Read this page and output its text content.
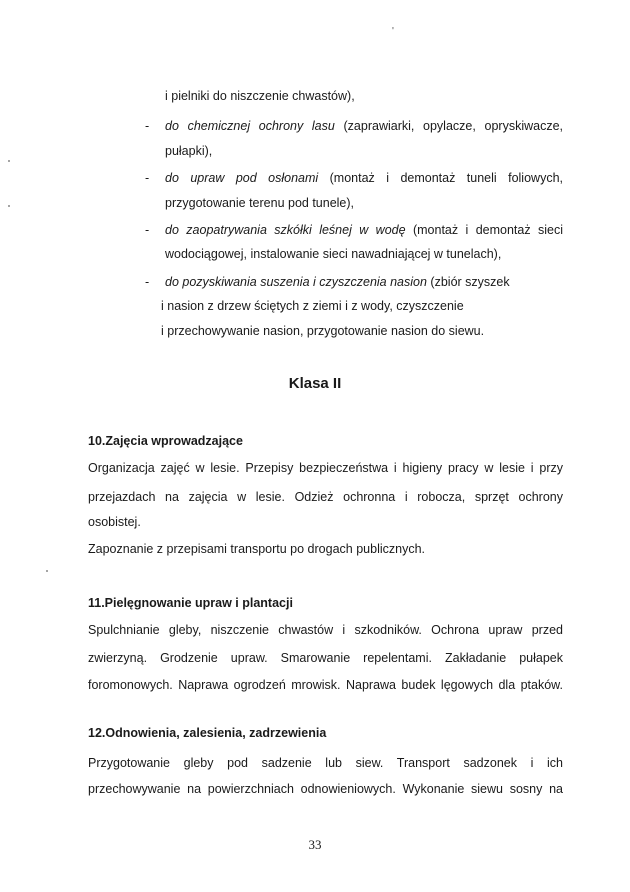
'
i pielniki do niszczenie chwastów),
- do chemicznej ochrony lasu (zaprawiarki, opylacze, opryskiwacze,
pułapki),
- do upraw pod osłonami (montaż i demontaż tuneli foliowych,
przygotowanie terenu pod tunele),
- do zaopatrywania szkółki leśnej w wodę (montaż i demontaż sieci
wodociągowej, instalowanie sieci nawadniającej w tunelach),
- do pozyskiwania suszenia i czyszczenia nasion (zbiór szyszek
i nasion z drzew ściętych z ziemi i z wody, czyszczenie
i przechowywanie nasion, przygotowanie nasion do siewu.
Klasa II
10.Zajęcia wprowadzające
Organizacja zajęć w lesie. Przepisy bezpieczeństwa i higieny pracy w lesie i przy
przejazdach na zajęcia w lesie. Odzież ochronna i robocza, sprzęt ochrony
osobistej.
Zapoznanie z przepisami transportu po drogach publicznych.
11.Pielęgnowanie upraw i plantacji
Spulchnianie gleby, niszczenie chwastów i szkodników. Ochrona upraw przed
zwierzyną. Grodzenie upraw. Smarowanie repelentami. Zakładanie pułapek
foromonowych. Naprawa ogrodzeń mrowisk. Naprawa budek lęgowych dla ptaków.
12.Odnowienia, zalesienia, zadrzewienia
Przygotowanie gleby pod sadzenie lub siew. Transport sadzonek i ich
przechowywanie na powierzchniach odnowieniowych. Wykonanie siewu sosny na
33
